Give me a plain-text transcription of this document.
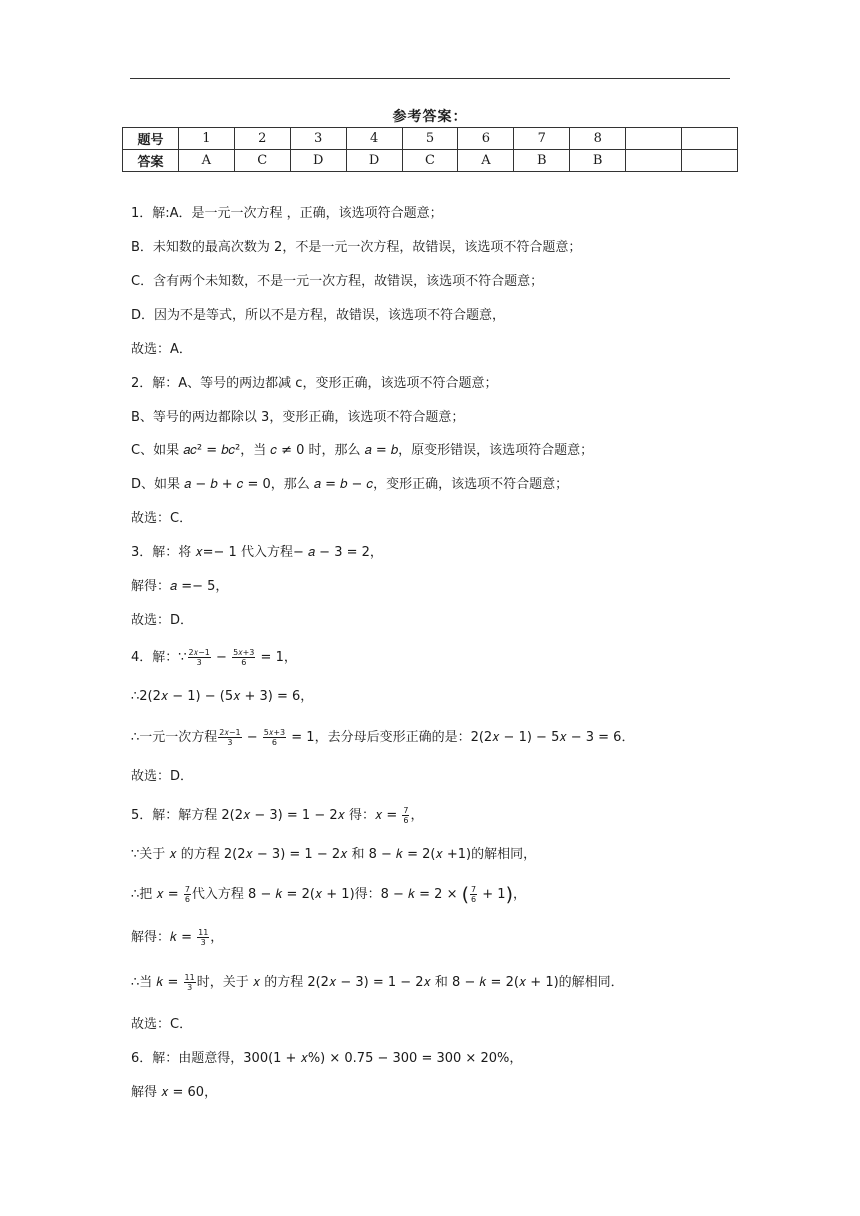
参考答案：
题号	1	2	3	4	5	6	7	8		
答案	A	C	D	D	C	A	B	B		
1．解:A．是一元一次方程 ，正确，该选项符合题意；
B．未知数的最高次数为 2，不是一元一次方程，故错误，该选项不符合题意；
C．含有两个未知数，不是一元一次方程，故错误，该选项不符合题意；
D．因为不是等式，所以不是方程，故错误，该选项不符合题意，
故选：A．
2．解：A、等号的两边都减 c，变形正确，该选项不符合题意；
B、等号的两边都除以 3，变形正确，该选项不符合题意；
C、如果 𝑎𝑐² = 𝑏𝑐²，当 𝑐 ≠ 0 时，那么 𝑎 = 𝑏，原变形错误，该选项符合题意；
D、如果 𝑎 − 𝑏 + 𝑐 = 0，那么 𝑎 = 𝑏 − 𝑐，变形正确，该选项不符合题意；
故选：C．
3．解：将 𝑥=− 1 代入方程− 𝑎 − 3 = 2，
解得：𝑎 =− 5，
故选：D．
4．解：∵ $\frac{\text{2𝑥−1}}{3} - \frac{\text{5𝑥+3}}{6} = 1$，
∴2(2𝑥 − 1) − (5𝑥 + 3) = 6，
∴一元一次方程 $\frac{\text{2𝑥−1}}{3} - \frac{\text{5𝑥+3}}{6} = 1$，去分母后变形正确的是：2(2𝑥 − 1) − 5𝑥 − 3 = 6．
故选：D．
5．解：解方程 2(2𝑥 − 3) = 1 − 2𝑥 得：𝑥 = $\frac{7}{6}$ ，
∵关于 𝑥 的方程 2(2𝑥 − 3) = 1 − 2𝑥 和 8 − 𝑘 = 2(𝑥 +1)的解相同，
∴把 𝑥 = $\frac{7}{6}$ 代入方程 8 − 𝑘 = 2(𝑥 + 1)得：8 − 𝑘 = 2 × ( $\frac{7}{6} + 1$)，
解得：𝑘 = $\frac{11}{3}$ ，
∴当 𝑘 = $\frac{11}{3}$ 时，关于 𝑥 的方程 2(2𝑥 − 3) = 1 − 2𝑥 和 8 − 𝑘 = 2(𝑥 + 1)的解相同．
故选：C．
6．解：由题意得，300(1 + 𝑥%) × 0.75 − 300 = 300 × 20%，
解得 𝑥 = 60，
